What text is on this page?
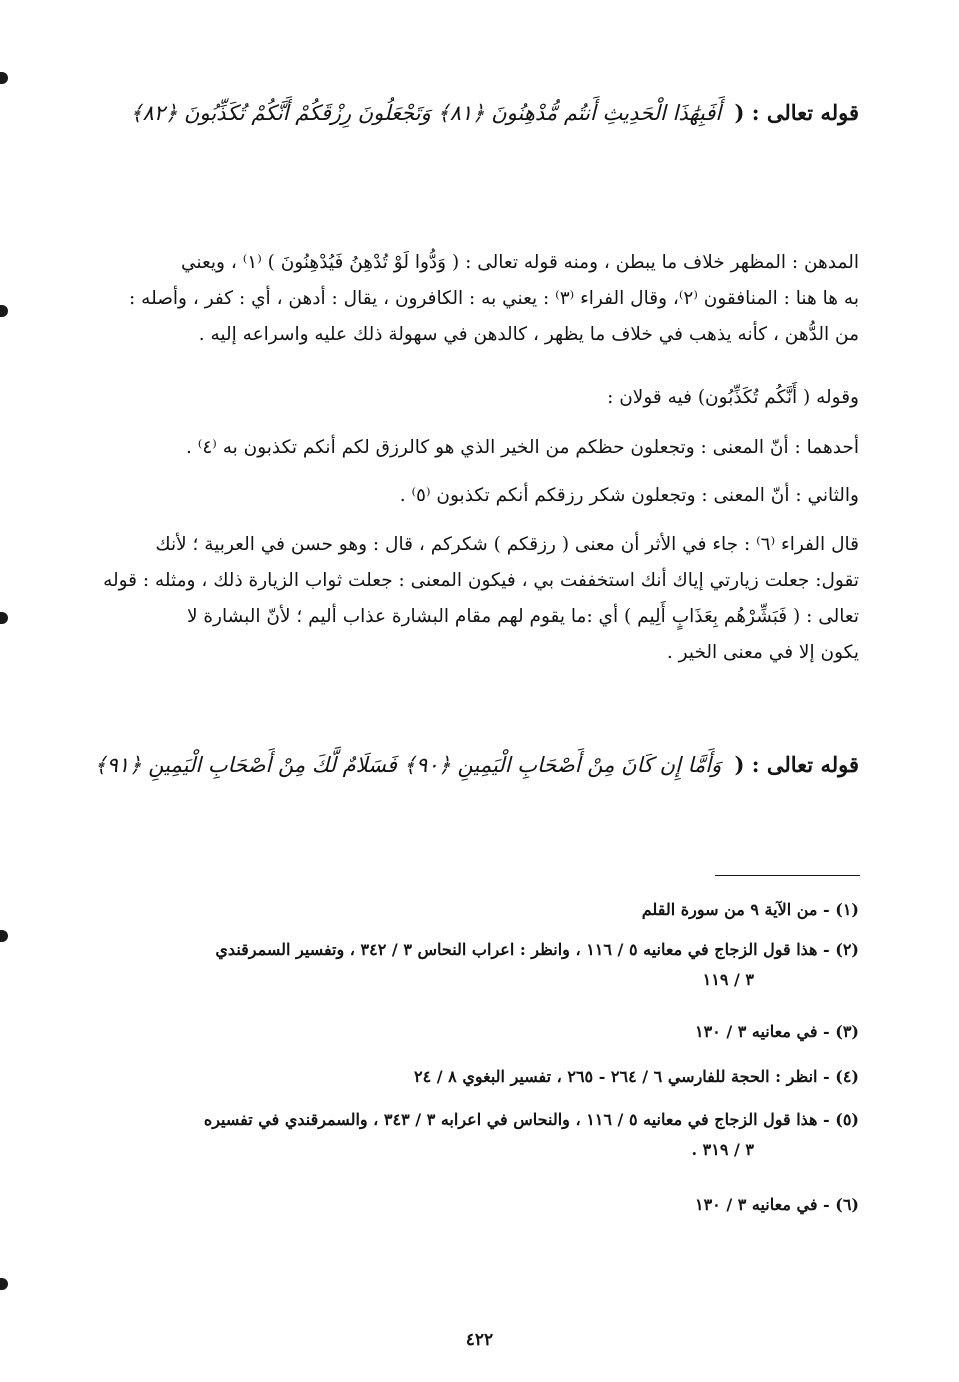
قوله تعالى : ( أَفَبِهَٰذَا الْحَدِيثِ أَنتُم مُّدْهِنُونَ ﴿٨١﴾ وَتَجْعَلُونَ رِزْقَكُمْ أَنَّكُمْ تُكَذِّبُونَ ﴿٨٢﴾
المدهن : المظهر خلاف ما يبطن ، ومنه قوله تعالى : ( وَدُّوا لَوْ تُدْهِنُ فَيُدْهِنُونَ ) ⁽١⁾ ، ويعني
به ها هنا : المنافقون ⁽٢⁾، وقال الفراء ⁽٣⁾ : يعني به : الكافرون ، يقال : أدهن ، أي : كفر ، وأصله :
من الدُّهن ، كأنه يذهب في خلاف ما يظهر ، كالدهن في سهولة ذلك عليه واسراعه إليه .
وقوله ( أَنَّكُم تُكَذِّبُون) فيه قولان :
أحدهما : أنّ المعنى : وتجعلون حظكم من الخير الذي هو كالرزق لكم أنكم تكذبون به ⁽٤⁾ .
والثاني : أنّ المعنى : وتجعلون شكر رزقكم أنكم تكذبون ⁽٥⁾ .
قال الفراء ⁽٦⁾ : جاء في الأثر أن معنى ( رزقكم ) شكركم ، قال : وهو حسن في العربية ؛ لأنك
تقول: جعلت زيارتي إياك أنك استخففت بي ، فيكون المعنى : جعلت ثواب الزيارة ذلك ، ومثله : قوله
تعالى : ( فَبَشِّرْهُم بِعَذَابٍ أَلِيم ) أي :ما يقوم لهم مقام البشارة عذاب أليم ؛ لأنّ البشارة لا
يكون إلا في معنى الخير .
قوله تعالى : ( وَأَمَّا إِن كَانَ مِنْ أَصْحَابِ الْيَمِينِ ﴿٩٠﴾ فَسَلَامٌ لَّكَ مِنْ أَصْحَابِ الْيَمِينِ ﴿٩١﴾
(١) - من الآية ٩ من سورة القلم
(٢) - هذا قول الزجاج في معانيه ٥ / ١١٦ ، وانظر : اعراب النحاس ٣ / ٣٤٢ ، وتفسير السمرقندي
٣ / ١١٩
(٣) - في معانيه ٣ / ١٣٠
(٤) - انظر : الحجة للفارسي ٦ / ٢٦٤ - ٢٦٥ ، تفسير البغوي ٨ / ٢٤
(٥) - هذا قول الزجاج في معانيه ٥ / ١١٦ ، والنحاس في اعرابه ٣ / ٣٤٣ ، والسمرقندي في تفسيره
٣ / ٣١٩ .
(٦) - في معانيه ٣ / ١٣٠
٤٢٢
